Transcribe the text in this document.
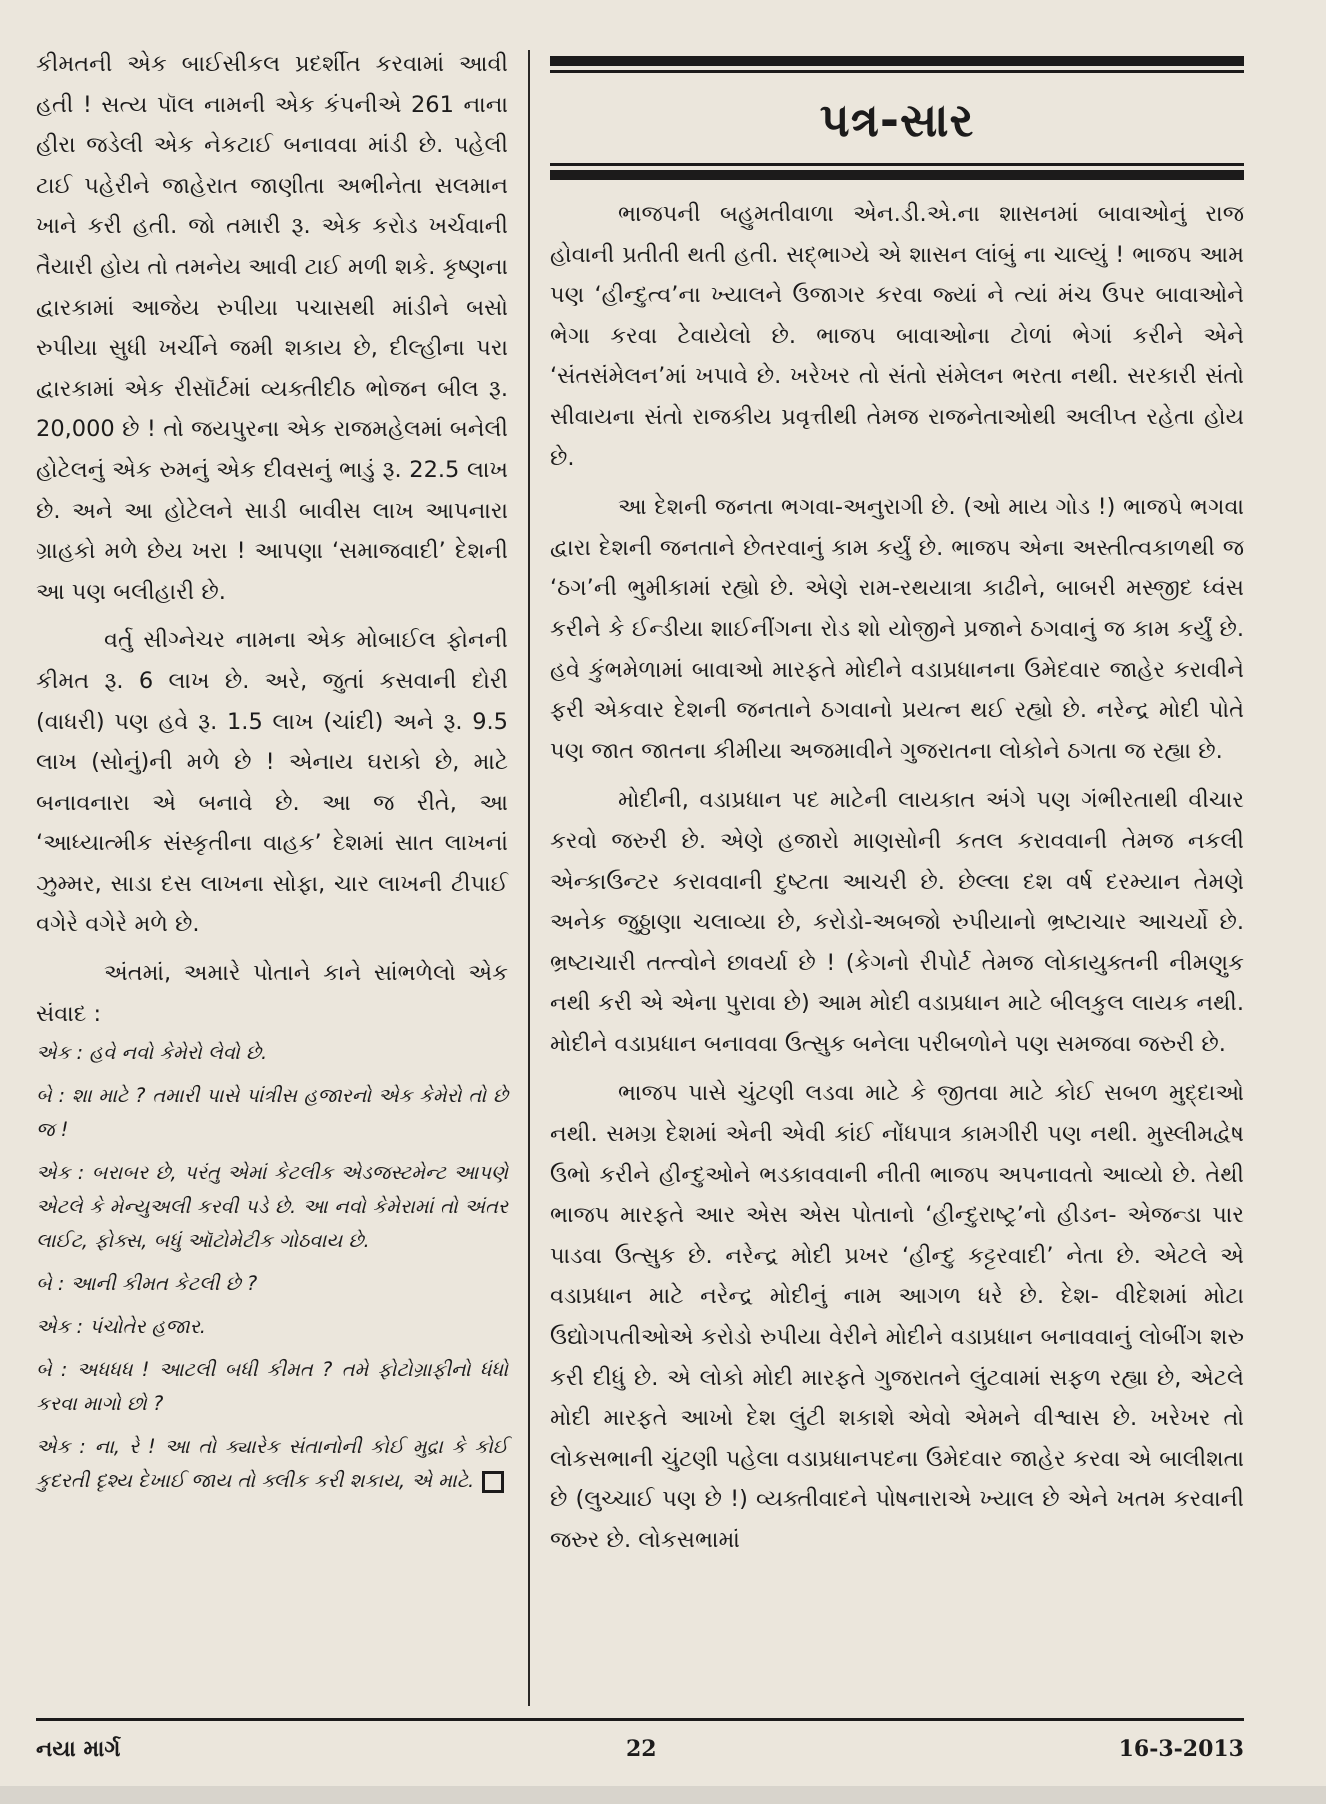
કીમતની એક બાઈસીકલ પ્રદર્શીત કરવામાં આવી હતી ! સત્ય પૉલ નામની એક કંપનીએ 261 નાના હીરા જડેલી એક નેકટાઈ બનાવવા માંડી છે. પહેલી ટાઈ પહેરીને જાહેરાત જાણીતા અભીનેતા સલમાન ખાને કરી હતી. જો તમારી રૂ. એક કરોડ ખર્ચવાની તૈયારી હોય તો તમનેય આવી ટાઈ મળી શકે. કૃષ્ણના દ્વારકામાં આજેય રુપીયા પચાસથી માંડીને બસો રુપીયા સુધી ખર્ચીને જમી શકાય છે, દીલ્હીના પરા દ્વારકામાં એક રીસૉર્ટમાં વ્યક્તીદીઠ ભોજન બીલ રૂ. 20,000 છે ! તો જયપુરના એક રાજમહેલમાં બનેલી હોટેલનું એક રુમનું એક દીવસનું ભાડું રૂ. 22.5 લાખ છે. અને આ હોટેલને સાડી બાવીસ લાખ આપનારા ગ્રાહકો મળે છેય ખરા ! આપણા ‘સમાજવાદી’ દેશની આ પણ બલીહારી છે.

વર્તુ સીગ્નેચર નામના એક મોબાઈલ ફોનની કીમત રૂ. 6 લાખ છે. અરે, જુતાં કસવાની દોરી (વાધરી) પણ હવે રૂ. 1.5 લાખ (ચાંદી) અને રૂ. 9.5 લાખ (સોનું)ની મળે છે ! એનાય ઘરાકો છે, માટે બનાવનારા એ બનાવે છે. આ જ રીતે, આ ‘આધ્યાત્મીક સંસ્કૃતીના વાહક’ દેશમાં સાત લાખનાં ઝુમ્મર, સાડા દસ લાખના સોફા, ચાર લાખની ટીપાઈ વગેરે વગેરે મળે છે.

અંતમાં, અમારે પોતાને કાને સાંભળેલો એક સંવાદ :

એક : હવે નવો કેમેરો લેવો છે.
બે : શા માટે ? તમારી પાસે પાંત્રીસ હજારનો એક કેમેરો તો છે જ !
એક : બરાબર છે, પરંતુ એમાં કેટલીક એડજસ્ટમેન્ટ આપણે એટલે કે મેન્યુઅલી કરવી પડે છે. આ નવો કેમેરામાં તો અંતર લાઈટ, ફોક્સ, બધું ઑટોમેટીક ગોઠવાય છે.
બે : આની કીમત કેટલી છે ?
એક : પંચોતેર હજાર.
બે : અધધધ ! આટલી બધી કીમત ? તમે ફોટોગ્રાફીનો ધંધો કરવા માગો છો ?
એક : ના, રે ! આ તો ક્યારેક સંતાનોની કોઈ મુદ્રા કે કોઈ કુદરતી દૃશ્ય દેખાઈ જાય તો ક્લીક કરી શકાય, એ માટે.
પત્ર-સાર

ભાજપની બહુમતીવાળા એન.ડી.એ.ના શાસનમાં બાવાઓનું રાજ હોવાની પ્રતીતી થતી હતી. સદ્ભાગ્યે એ શાસન લાંબું ના ચાલ્યું ! ભાજપ આમ પણ ‘હીન્દુત્વ’ના ખ્યાલને ઉજાગર કરવા જ્યાં ને ત્યાં મંચ ઉપર બાવાઓને ભેગા કરવા ટેવાયેલો છે. ભાજપ બાવાઓના ટોળાં ભેગાં કરીને એને ‘સંતસંમેલન’માં ખપાવે છે. ખરેખર તો સંતો સંમેલન ભરતા નથી. સરકારી સંતો સીવાયના સંતો રાજકીય પ્રવૃત્તીથી તેમજ રાજનેતાઓથી અલીપ્ત રહેતા હોય છે.

આ દેશની જનતા ભગવા-અનુરાગી છે. (ઓ માય ગોડ !) ભાજપે ભગવા દ્વારા દેશની જનતાને છેતરવાનું કામ કર્યું છે. ભાજપ એના અસ્તીત્વકાળથી જ ‘ઠગ’ની ભુમીકામાં રહ્યો છે. એણે રામ-રથયાત્રા કાઢીને, બાબરી મસ્જીદ ધ્વંસ કરીને કે ઈન્ડીયા શાઈનીંગના રોડ શો યોજીને પ્રજાને ઠગવાનું જ કામ કર્યું છે. હવે કુંભમેળામાં બાવાઓ મારફતે મોદીને વડાપ્રધાનના ઉમેદવાર જાહેર કરાવીને ફરી એકવાર દેશની જનતાને ઠગવાનો પ્રયત્ન થઈ રહ્યો છે. નરેન્દ્ર મોદી પોતે પણ જાત જાતના કીમીયા અજમાવીને ગુજરાતના લોકોને ઠગતા જ રહ્યા છે.

મોદીની, વડાપ્રધાન પદ માટેની લાયકાત અંગે પણ ગંભીરતાથી વીચાર કરવો જરુરી છે. એણે હજારો માણસોની કતલ કરાવવાની તેમજ નકલી એન્કાઉન્ટર કરાવવાની દુષ્ટતા આચરી છે. છેલ્લા દશ વર્ષ દરમ્યાન તેમણે અનેક જુઠ્ઠાણા ચલાવ્યા છે, કરોડો-અબજો રુપીયાનો ભ્રષ્ટાચાર આચર્યો છે. ભ્રષ્ટાચારી તત્ત્વોને છાવર્યા છે ! (કેગનો રીપોર્ટ તેમજ લોકાયુક્તની નીમણુક નથી કરી એ એના પુરાવા છે) આમ મોદી વડાપ્રધાન માટે બીલકુલ લાયક નથી. મોદીને વડાપ્રધાન બનાવવા ઉત્સુક બનેલા પરીબળોને પણ સમજવા જરુરી છે.

ભાજપ પાસે ચુંટણી લડવા માટે કે જીતવા માટે કોઈ સબળ મુદ્દાઓ નથી. સમગ્ર દેશમાં એની એવી કાંઈ નોંધપાત્ર કામગીરી પણ નથી. મુસ્લીમદ્વેષ ઉભો કરીને હીન્દુઓને ભડકાવવાની નીતી ભાજપ અપનાવતો આવ્યો છે. તેથી ભાજપ મારફતે આર એસ એસ પોતાનો ‘હીન્દુરાષ્ટ્ર’નો હીડન- એજન્ડા પાર પાડવા ઉત્સુક છે. નરેન્દ્ર મોદી પ્રખર ‘હીન્દુ કટ્ટરવાદી’ નેતા છે. એટલે એ વડાપ્રધાન માટે નરેન્દ્ર મોદીનું નામ આગળ ધરે છે. દેશ- વીદેશમાં મોટા ઉદ્યોગપતીઓએ કરોડો રુપીયા વેરીને મોદીને વડાપ્રધાન બનાવવાનું લોબીંગ શરુ કરી દીધું છે. એ લોકો મોદી મારફતે ગુજરાતને લુંટવામાં સફળ રહ્યા છે, એટલે મોદી મારફતે આખો દેશ લુંટી શકાશે એવો એમને વીશ્વાસ છે. ખરેખર તો લોકસભાની ચુંટણી પહેલા વડાપ્રધાનપદના ઉમેદવાર જાહેર કરવા એ બાલીશતા છે (લુચ્ચાઈ પણ છે !) વ્યક્તીવાદને પોષનારાએ ખ્યાલ છે એને ખતમ કરવાની જરુર છે. લોકસભામાં

નયા માર્ગ	22	16-3-2013
